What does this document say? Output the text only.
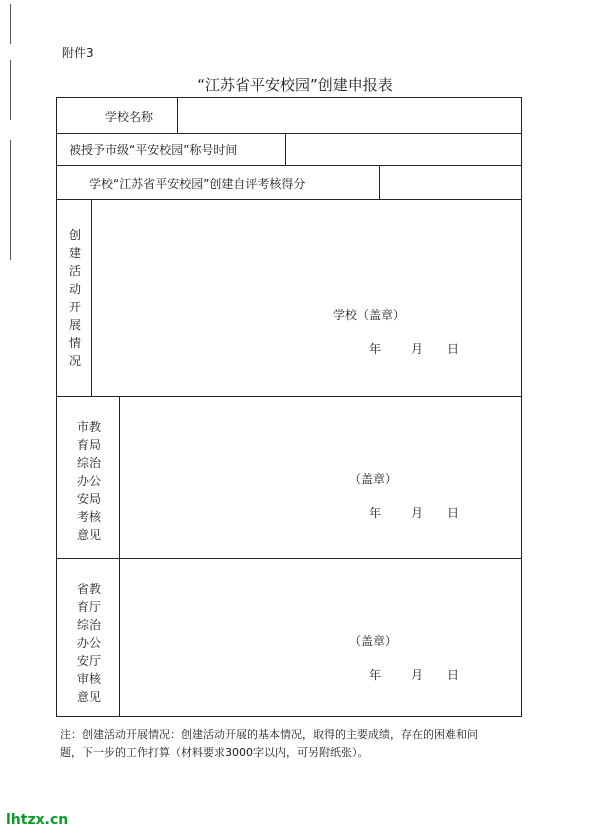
附件3
“江苏省平安校园”创建申报表
学校名称
被授予市级“平安校园”称号时间
学校“江苏省平安校园”创建自评考核得分
创
建
活
动
开
展
情
况
学校（盖章）
年 月 日
市教
育局
综治
办公
安局
考核
意见
（盖章）
年 月 日
省教
育厅
综治
办公
安厅
审核
意见
（盖章）
年 月 日
注：创建活动开展情况：创建活动开展的基本情况，取得的主要成绩，存在的困难和问
题，下一步的工作打算（材料要求3000字以内，可另附纸张）。
lhtzx.cn
